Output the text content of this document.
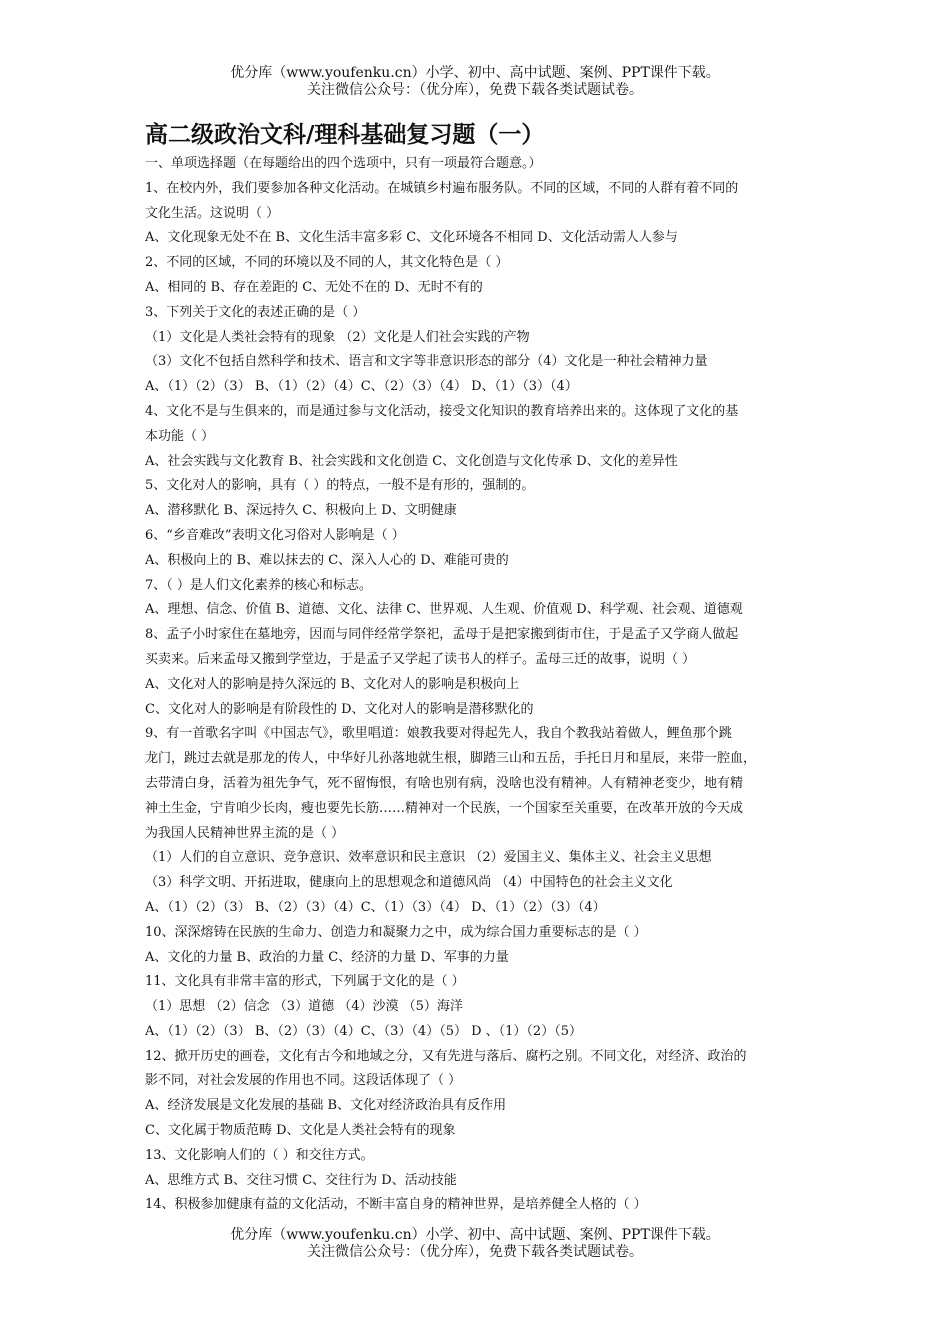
优分库（www.youfenku.cn）小学、初中、高中试题、案例、PPT课件下载。
关注微信公众号：（优分库），免费下载各类试题试卷。
高二级政治文科/理科基础复习题（一）
一、单项选择题（在每题给出的四个选项中，只有一项最符合题意。）
1、在校内外，我们要参加各种文化活动。在城镇乡村遍布服务队。不同的区域，不同的人群有着不同的
文化生活。这说明（ ）
A、文化现象无处不在 B、文化生活丰富多彩 C、文化环境各不相同 D、文化活动需人人参与
2、不同的区域，不同的环境以及不同的人，其文化特色是（ ）
A、相同的 B、存在差距的 C、无处不在的 D、无时不有的
3、下列关于文化的表述正确的是（ ）
（1）文化是人类社会特有的现象 （2）文化是人们社会实践的产物
（3）文化不包括自然科学和技术、语言和文字等非意识形态的部分（4）文化是一种社会精神力量
A、（1）（2）（3） B、（1）（2）（4）C、（2）（3）（4） D、（1）（3）（4）
4、文化不是与生俱来的，而是通过参与文化活动，接受文化知识的教育培养出来的。这体现了文化的基
本功能（ ）
A、社会实践与文化教育 B、社会实践和文化创造 C、文化创造与文化传承 D、文化的差异性
5、文化对人的影响，具有（ ）的特点，一般不是有形的，强制的。
A、潜移默化 B、深远持久 C、积极向上 D、文明健康
6、“乡音难改”表明文化习俗对人影响是（ ）
A、积极向上的 B、难以抹去的 C、深入人心的 D、难能可贵的
7、（ ）是人们文化素养的核心和标志。
A、理想、信念、价值 B、道德、文化、法律 C、世界观、人生观、价值观 D、科学观、社会观、道德观
8、孟子小时家住在墓地旁，因而与同伴经常学祭祀，孟母于是把家搬到街市住，于是孟子又学商人做起
买卖来。后来孟母又搬到学堂边，于是孟子又学起了读书人的样子。孟母三迁的故事，说明（ ）
A、文化对人的影响是持久深远的 B、文化对人的影响是积极向上
C、文化对人的影响是有阶段性的 D、文化对人的影响是潜移默化的
9、有一首歌名字叫《中国志气》，歌里唱道：娘教我要对得起先人，我自个教我站着做人，鲤鱼那个跳
龙门，跳过去就是那龙的传人，中华好儿孙落地就生根，脚踏三山和五岳，手托日月和星辰，来带一腔血，
去带清白身，活着为祖先争气，死不留悔恨，有啥也别有病，没啥也没有精神。人有精神老变少，地有精
神土生金，宁肯咱少长肉，瘦也要先长筋……精神对一个民族，一个国家至关重要，在改革开放的今天成
为我国人民精神世界主流的是（ ）
（1）人们的自立意识、竞争意识、效率意识和民主意识 （2）爱国主义、集体主义、社会主义思想
（3）科学文明、开拓进取，健康向上的思想观念和道德风尚 （4）中国特色的社会主义文化
A、（1）（2）（3） B、（2）（3）（4）C、（1）（3）（4） D、（1）（2）（3）（4）
10、深深熔铸在民族的生命力、创造力和凝聚力之中，成为综合国力重要标志的是（ ）
A、文化的力量 B、政治的力量 C、经济的力量 D、军事的力量
11、文化具有非常丰富的形式，下列属于文化的是（ ）
（1）思想 （2）信念 （3）道德 （4）沙漠 （5）海洋
A、（1）（2）（3） B、（2）（3）（4）C、（3）（4）（5） D 、（1）（2）（5）
12、掀开历史的画卷，文化有古今和地域之分，又有先进与落后、腐朽之别。不同文化，对经济、政治的
影不同，对社会发展的作用也不同。这段话体现了（ ）
A、经济发展是文化发展的基础 B、文化对经济政治具有反作用
C、文化属于物质范畴 D、文化是人类社会特有的现象
13、文化影响人们的（ ）和交往方式。
A、思维方式 B、交往习惯 C、交往行为 D、活动技能
14、积极参加健康有益的文化活动，不断丰富自身的精神世界，是培养健全人格的（ ）
优分库（www.youfenku.cn）小学、初中、高中试题、案例、PPT课件下载。
关注微信公众号：（优分库），免费下载各类试题试卷。
